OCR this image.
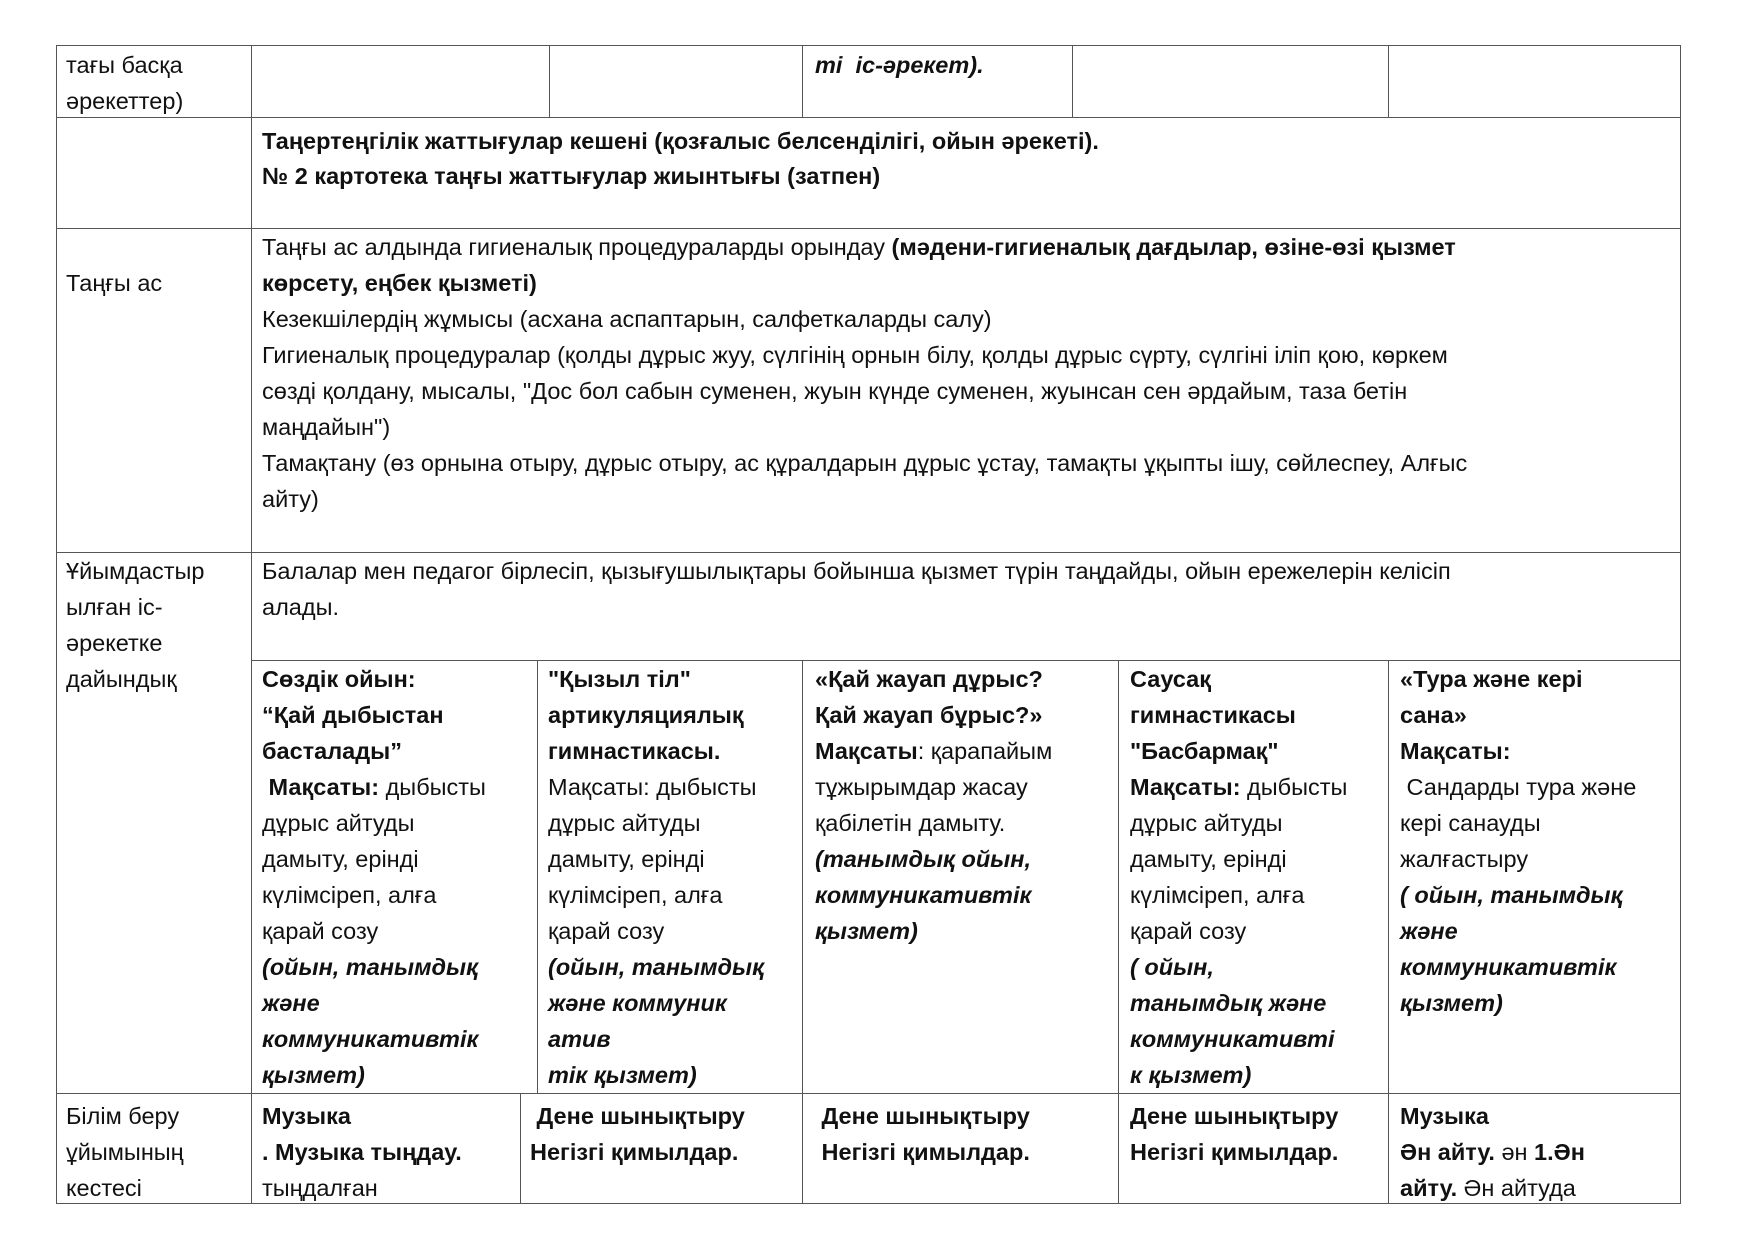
тағы басқа
әрекеттер)
ті  іс-әрекет).
Таңертеңгілік жаттығулар кешені (қозғалыс белсенділігі, ойын әрекеті).
№ 2 картотека таңғы жаттығулар жиынтығы (затпен)
Таңғы ас
Таңғы ас алдында гигиеналық процедураларды орындау (мәдени-гигиеналық дағдылар, өзіне-өзі қызмет
көрсету, еңбек қызметі)
Кезекшілердің жұмысы (асхана аспаптарын, салфеткаларды салу)
Гигиеналық процедуралар (қолды дұрыс жуу, сүлгінің орнын білу, қолды дұрыс сүрту, сүлгіні іліп қою, көркем
сөзді қолдану, мысалы, "Дос бол сабын суменен, жуын күнде суменен, жуынсан сен әрдайым, таза бетін
маңдайын")
Тамақтану (өз орнына отыру, дұрыс отыру, ас құралдарын дұрыс ұстау, тамақты ұқыпты ішу, сөйлеспеу, Алғыс
айту)
Ұйымдастыр
ылған іс-
әрекетке
дайындық
Балалар мен педагог бірлесіп, қызығушылықтары бойынша қызмет түрін таңдайды, ойын ережелерін келісіп
алады.
Сөздік ойын:
“Қай дыбыстан
басталады”
Мақсаты: дыбысты
дұрыс айтуды
дамыту, ерінді
күлімсіреп, алға
қарай созу
(ойын, танымдық
және
коммуникативтік
қызмет)
"Қызыл тіл"
артикуляциялық
гимнастикасы.
Мақсаты: дыбысты
дұрыс айтуды
дамыту, ерінді
күлімсіреп, алға
қарай созу
(ойын, танымдық
және коммуник
атив
тік қызмет)
«Қай жауап дұрыс?
Қай жауап бұрыс?»
Мақсаты: қарапайым
тұжырымдар жасау
қабілетін дамыту.
(танымдық ойын,
коммуникативтік
қызмет)
Саусақ
гимнастикасы
"Басбармақ"
Мақсаты: дыбысты
дұрыс айтуды
дамыту, ерінді
күлімсіреп, алға
қарай созу
( ойын,
танымдық және
коммуникативті
к қызмет)
«Тура және кері
сана»
Мақсаты:
Сандарды тура және
кері санауды
жалғастыру
( ойын, танымдық
және
коммуникативтік
қызмет)
Білім беру
ұйымының
кестесі
Музыка
. Музыка тыңдау.
тыңдалған
Дене шынықтыру
Негізгі қимылдар.
Дене шынықтыру
Негізгі қимылдар.
Дене шынықтыру
Негізгі қимылдар.
Музыка
Ән айту. ән 1.Ән
айту. Ән айтуда
